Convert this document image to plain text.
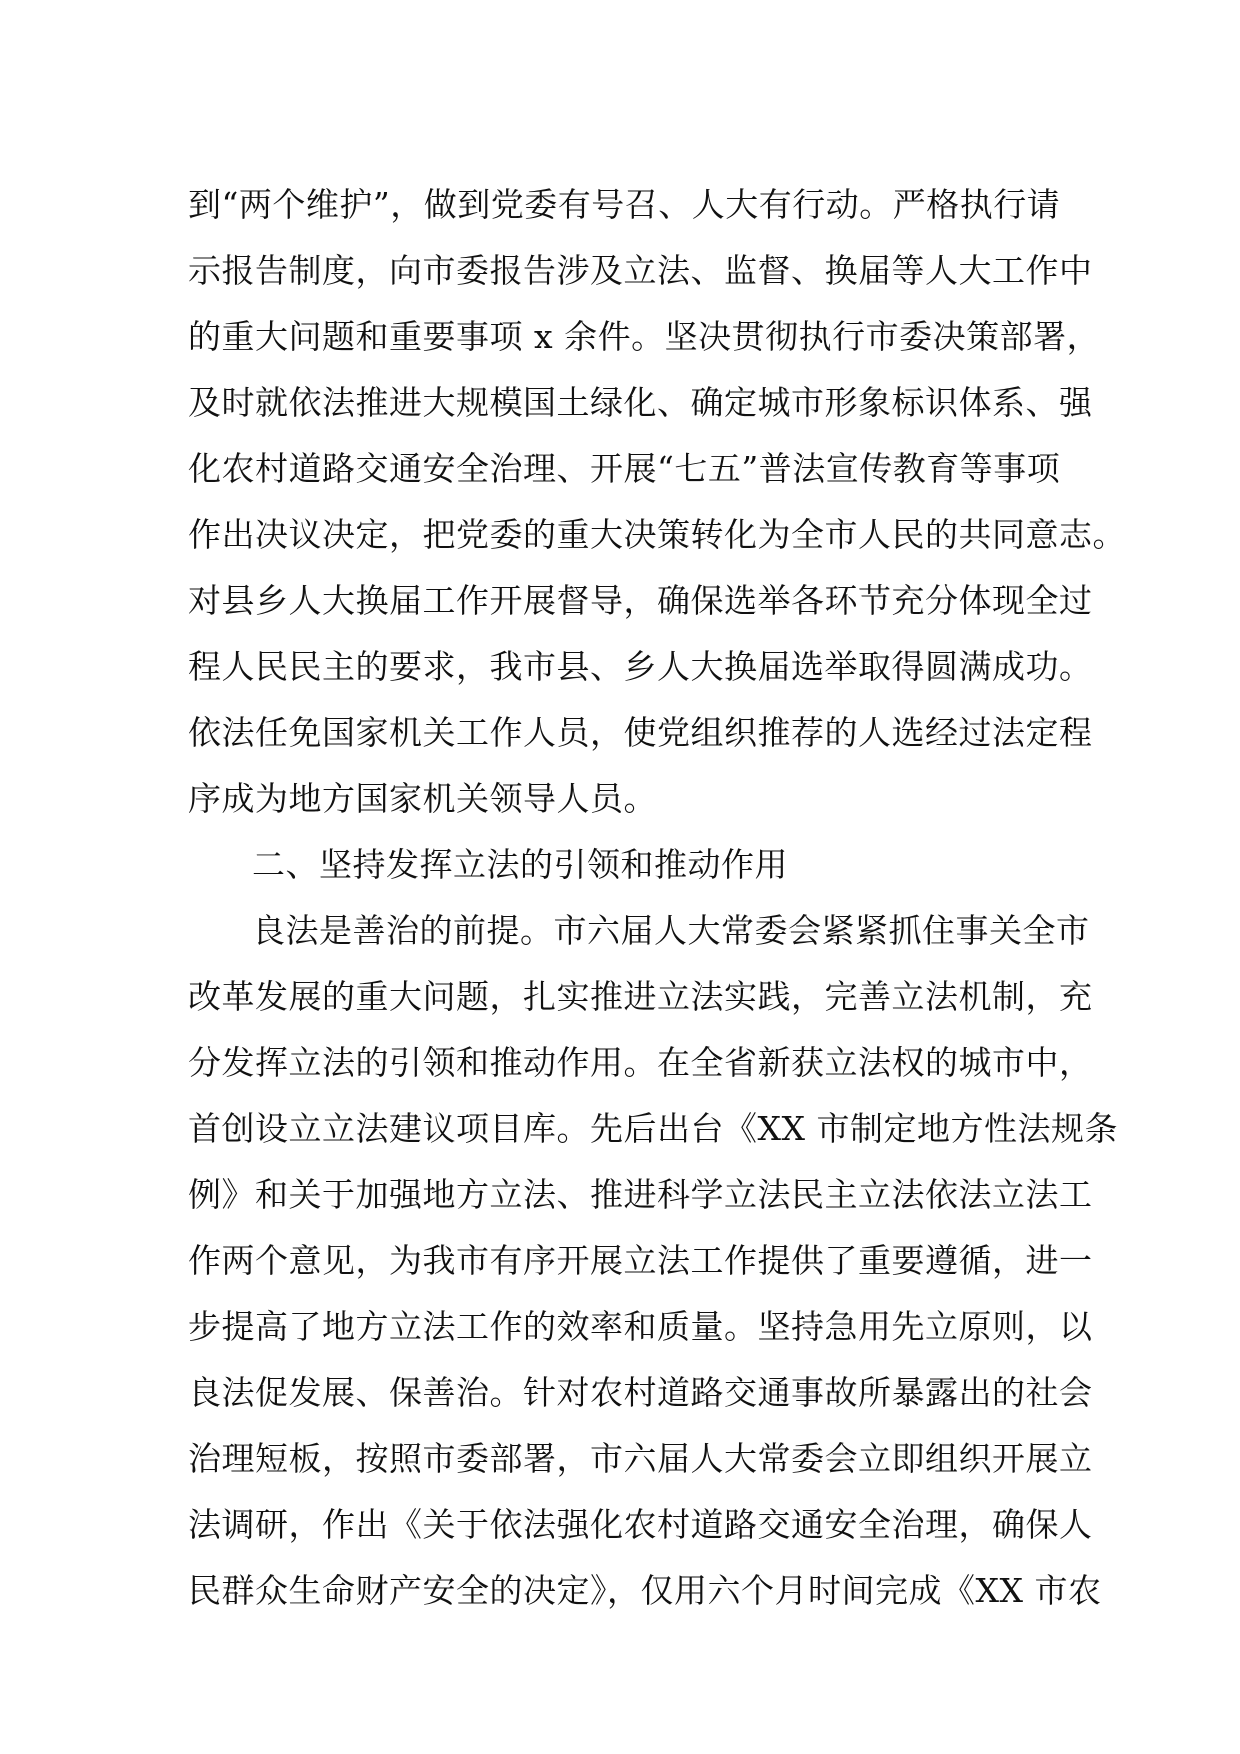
到“两个维护”，做到党委有号召、人大有行动。严格执行请
示报告制度，向市委报告涉及立法、监督、换届等人大工作中
的重大问题和重要事项 x 余件。坚决贯彻执行市委决策部署，
及时就依法推进大规模国土绿化、确定城市形象标识体系、强
化农村道路交通安全治理、开展“七五”普法宣传教育等事项
作出决议决定，把党委的重大决策转化为全市人民的共同意志。
对县乡人大换届工作开展督导，确保选举各环节充分体现全过
程人民民主的要求，我市县、乡人大换届选举取得圆满成功。
依法任免国家机关工作人员，使党组织推荐的人选经过法定程
序成为地方国家机关领导人员。
二、坚持发挥立法的引领和推动作用
良法是善治的前提。市六届人大常委会紧紧抓住事关全市
改革发展的重大问题，扎实推进立法实践，完善立法机制，充
分发挥立法的引领和推动作用。在全省新获立法权的城市中，
首创设立立法建议项目库。先后出台《XX 市制定地方性法规条
例》和关于加强地方立法、推进科学立法民主立法依法立法工
作两个意见，为我市有序开展立法工作提供了重要遵循，进一
步提高了地方立法工作的效率和质量。坚持急用先立原则，以
良法促发展、保善治。针对农村道路交通事故所暴露出的社会
治理短板，按照市委部署，市六届人大常委会立即组织开展立
法调研，作出《关于依法强化农村道路交通安全治理，确保人
民群众生命财产安全的决定》，仅用六个月时间完成《XX 市农
